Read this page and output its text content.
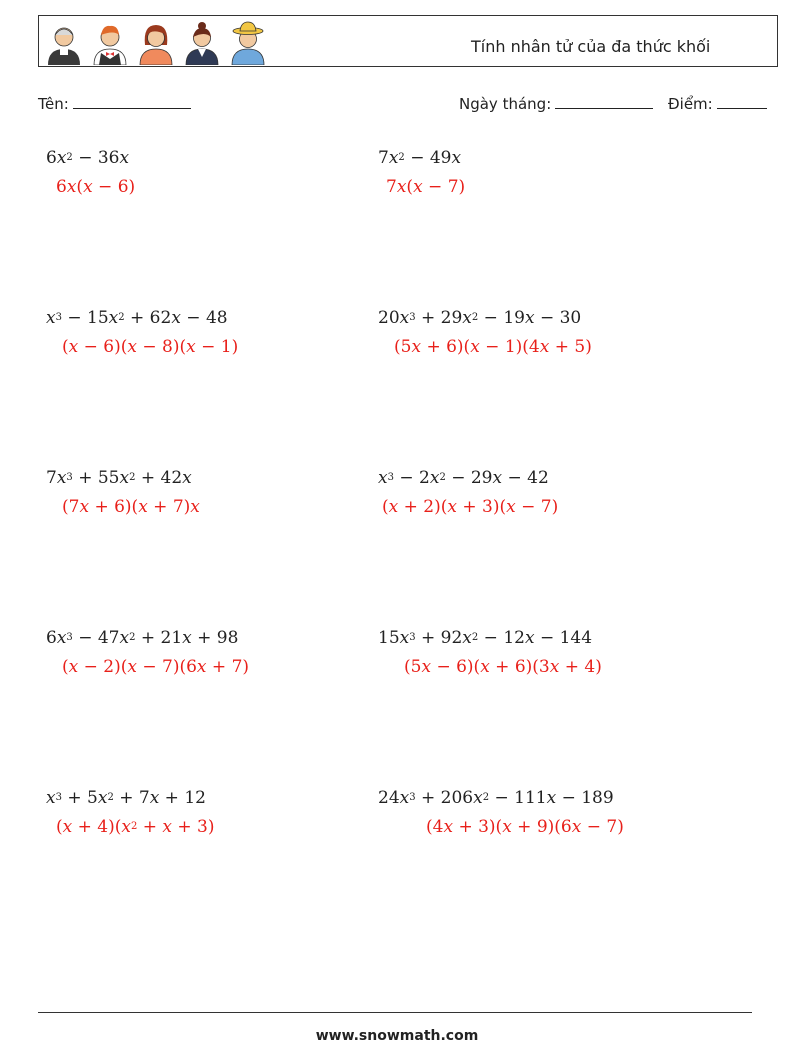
Tính nhân tử của đa thức khối
Tên:	Ngày tháng:	Điểm:
$6x^2 - 36x$
6x(x − 6)
$7x^2 - 49x$
7x(x − 7)
$x^3 - 15x^2 + 62x - 48$
(x − 6)(x − 8)(x − 1)
$20x^3 + 29x^2 - 19x - 30$
(5x + 6)(x − 1)(4x + 5)
$7x^3 + 55x^2 + 42x$
(7x + 6)(x + 7)x
$x^3 - 2x^2 - 29x - 42$
(x + 2)(x + 3)(x − 7)
$6x^3 - 47x^2 + 21x + 98$
(x − 2)(x − 7)(6x + 7)
$15x^3 + 92x^2 - 12x - 144$
(5x − 6)(x + 6)(3x + 4)
$x^3 + 5x^2 + 7x + 12$
$(x + 4)(x^2 + x + 3)$
$24x^3 + 206x^2 - 111x - 189$
(4x + 3)(x + 9)(6x − 7)
www.snowmath.com
